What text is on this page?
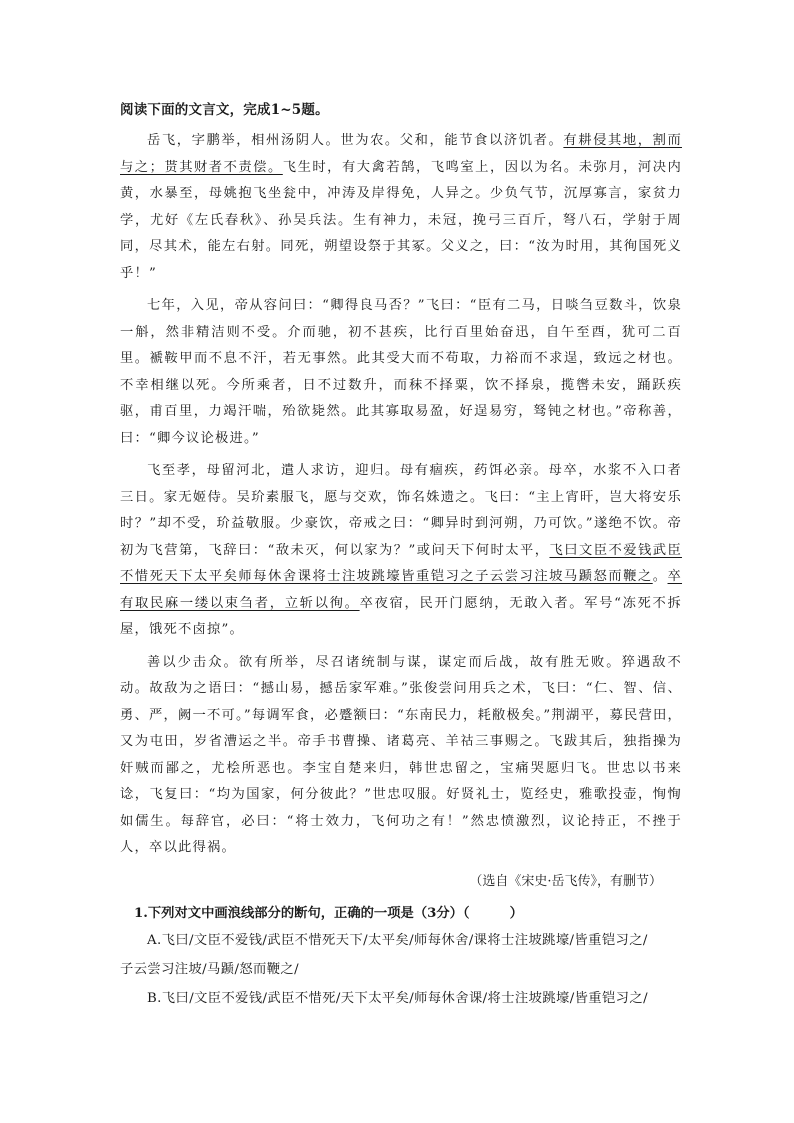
阅读下面的文言文，完成1~5题。

岳飞，字鹏举，相州汤阴人。世为农。父和，能节食以济饥者。有耕侵其地，割而与之；贳其财者不责偿。飞生时，有大禽若鹄，飞鸣室上，因以为名。未弥月，河决内黄，水暴至，母姚抱飞坐瓮中，冲涛及岸得免，人异之。少负气节，沉厚寡言，家贫力学，尤好《左氏春秋》、孙吴兵法。生有神力，未冠，挽弓三百斤，弩八石，学射于周同，尽其术，能左右射。同死，朔望设祭于其冢。父义之，曰：“汝为时用，其徇国死义乎！”

七年，入见，帝从容问曰：“卿得良马否？”飞曰：“臣有二马，日啖刍豆数斗，饮泉一斛，然非精洁则不受。介而驰，初不甚疾，比行百里始奋迅，自午至酉，犹可二百里。褫鞍甲而不息不汗，若无事然。此其受大而不苟取，力裕而不求逞，致远之材也。不幸相继以死。今所乘者，日不过数升，而秣不择粟，饮不择泉，揽辔未安，踊跃疾驱，甫百里，力竭汗喘，殆欲毙然。此其寡取易盈，好逞易穷，驽钝之材也。”帝称善，曰：“卿今议论极进。”

飞至孝，母留河北，遣人求访，迎归。母有痼疾，药饵必亲。母卒，水浆不入口者三日。家无姬侍。吴玠素服飞，愿与交欢，饰名姝遗之。飞曰：“主上宵旰，岂大将安乐时？”却不受，玠益敬服。少豪饮，帝戒之曰：“卿异时到河朔，乃可饮。”遂绝不饮。帝初为飞营第，飞辞曰：“敌未灭，何以家为？”或问天下何时太平，飞曰文臣不爱钱武臣不惜死天下太平矣师每休舍课将士注坡跳壕皆重铠习之子云尝习注坡马踬怒而鞭之。卒有取民麻一缕以束刍者，立斩以徇。卒夜宿，民开门愿纳，无敢入者。军号“冻死不拆屋，饿死不卤掠”。

善以少击众。欲有所举，尽召诸统制与谋，谋定而后战，故有胜无败。猝遇敌不动。故敌为之语曰：“撼山易，撼岳家军难。”张俊尝问用兵之术，飞曰：“仁、智、信、勇、严，阙一不可。”每调军食，必蹙额曰：“东南民力，耗敝极矣。”荆湖平，募民营田，又为屯田，岁省漕运之半。帝手书曹操、诸葛亮、羊祜三事赐之。飞跋其后，独指操为奸贼而鄙之，尤桧所恶也。李宝自楚来归，韩世忠留之，宝痛哭愿归飞。世忠以书来谂，飞复曰：“均为国家，何分彼此？”世忠叹服。好贤礼士，览经史，雅歌投壶，恂恂如儒生。每辞官，必曰：“将士效力，飞何功之有！”然忠愤激烈，议论持正，不挫于人，卒以此得祸。

（选自《宋史·岳飞传》，有删节）
1.下列对文中画浪线部分的断句，正确的一项是（3分）（	）

A.飞曰/文臣不爱钱/武臣不惜死天下/太平矣/师每休舍/课将士注坡跳壕/皆重铠习之/

子云尝习注坡/马踬/怒而鞭之/

B.飞曰/文臣不爱钱/武臣不惜死/天下太平矣/师每休舍课/将士注坡跳壕/皆重铠习之/
